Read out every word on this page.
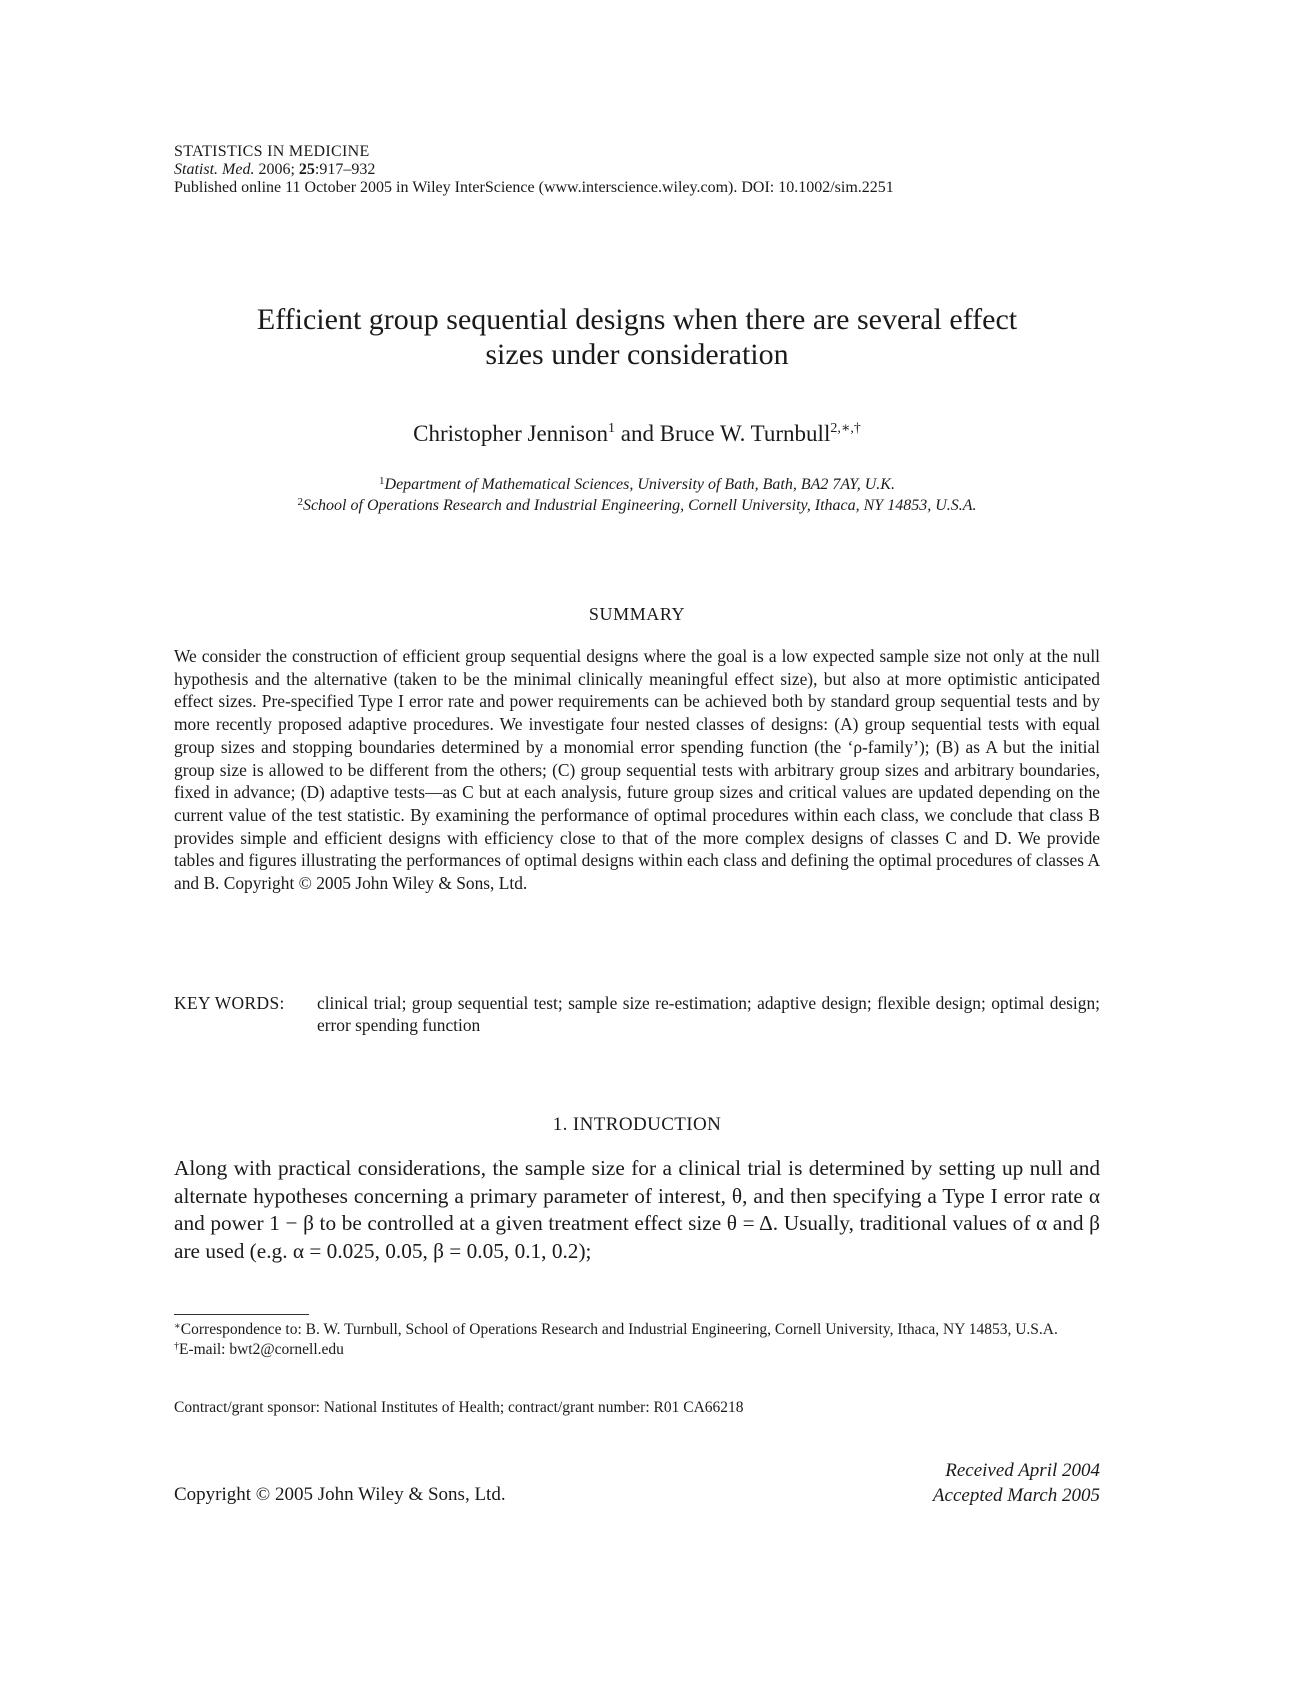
STATISTICS IN MEDICINE
Statist. Med. 2006; 25:917–932
Published online 11 October 2005 in Wiley InterScience (www.interscience.wiley.com). DOI: 10.1002/sim.2251
Efficient group sequential designs when there are several effect
sizes under consideration
Christopher Jennison$^1$ and Bruce W. Turnbull$^{2,∗,\dagger}$
$^1$Department of Mathematical Sciences, University of Bath, Bath, BA2 7AY, U.K.
$^2$School of Operations Research and Industrial Engineering, Cornell University, Ithaca, NY 14853, U.S.A.
SUMMARY
We consider the construction of efficient group sequential designs where the goal is a low expected sample size not only at the null hypothesis and the alternative (taken to be the minimal clinically meaningful effect size), but also at more optimistic anticipated effect sizes. Pre-specified Type I error rate and power requirements can be achieved both by standard group sequential tests and by more recently proposed adaptive procedures. We investigate four nested classes of designs: (A) group sequential tests with equal group sizes and stopping boundaries determined by a monomial error spending function (the ‘ρ-family’); (B) as A but the initial group size is allowed to be different from the others; (C) group sequential tests with arbitrary group sizes and arbitrary boundaries, fixed in advance; (D) adaptive tests—as C but at each analysis, future group sizes and critical values are updated depending on the current value of the test statistic. By examining the performance of optimal procedures within each class, we conclude that class B provides simple and efficient designs with efficiency close to that of the more complex designs of classes C and D. We provide tables and figures illustrating the performances of optimal designs within each class and defining the optimal procedures of classes A and B. Copyright © 2005 John Wiley & Sons, Ltd.
KEY WORDS:	clinical trial; group sequential test; sample size re-estimation; adaptive design; flexible design; optimal design; error spending function
1. INTRODUCTION
Along with practical considerations, the sample size for a clinical trial is determined by setting up null and alternate hypotheses concerning a primary parameter of interest, θ, and then specifying a Type I error rate α and power 1 − β to be controlled at a given treatment effect size θ = Δ. Usually, traditional values of α and β are used (e.g. α = 0.025, 0.05, β = 0.05, 0.1, 0.2);
∗Correspondence to: B. W. Turnbull, School of Operations Research and Industrial Engineering, Cornell University, Ithaca, NY 14853, U.S.A.
†E-mail: bwt2@cornell.edu
Contract/grant sponsor: National Institutes of Health; contract/grant number: R01 CA66218
Copyright © 2005 John Wiley & Sons, Ltd.
Received April 2004
Accepted March 2005
